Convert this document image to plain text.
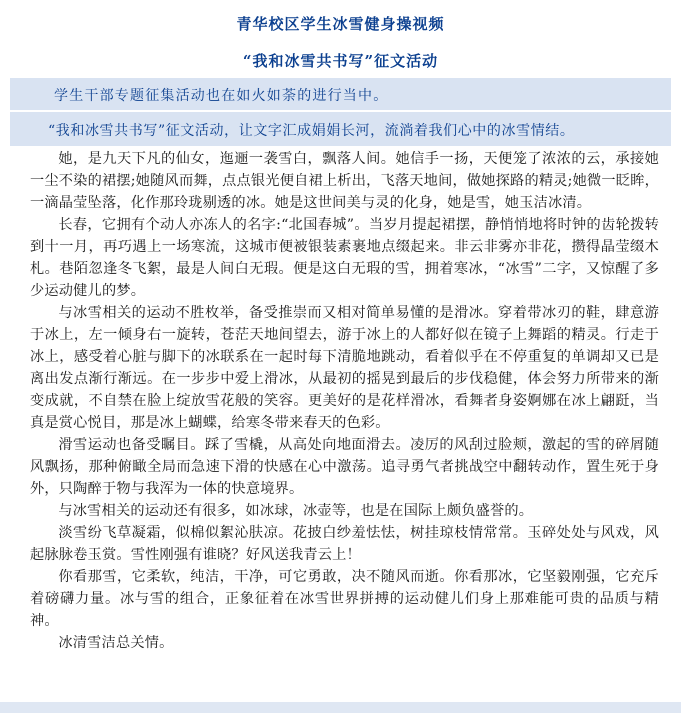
青华校区学生冰雪健身操视频
“我和冰雪共书写”征文活动
学生干部专题征集活动也在如火如荼的进行当中。
“我和冰雪共书写”征文活动，让文字汇成娟娟长河，流淌着我们心中的冰雪情结。

她，是九天下凡的仙女，迤逦一袭雪白，飘落人间。她信手一扬，天便笼了浓浓的云，承接她一尘不染的裙摆;她随风而舞，点点银光便自裙上析出，飞落天地间，做她探路的精灵;她微一眨眸，一滴晶莹坠落，化作那玲珑剔透的冰。她是这世间美与灵的化身，她是雪，她玉洁冰清。

长春，它拥有个动人亦冻人的名字:“北国春城”。当岁月提起裙摆，静悄悄地将时钟的齿轮拨转到十一月，再巧遇上一场寒流，这城市便被银装素裹地点缀起来。非云非雾亦非花，攒得晶莹缀木札。巷陌忽逢冬飞絮，最是人间白无瑕。便是这白无瑕的雪，拥着寒冰，“冰雪”二字，又惊醒了多少运动健儿的梦。

与冰雪相关的运动不胜枚举，备受推崇而又相对简单易懂的是滑冰。穿着带冰刃的鞋，肆意游于冰上，左一倾身右一旋转，苍茫天地间望去，游于冰上的人都好似在镜子上舞蹈的精灵。行走于冰上，感受着心脏与脚下的冰联系在一起时每下清脆地跳动，看着似乎在不停重复的单调却又已是离出发点渐行渐远。在一步步中爱上滑冰，从最初的摇晃到最后的步伐稳健，体会努力所带来的渐变成就，不自禁在脸上绽放雪花般的笑容。更美好的是花样滑冰，看舞者身姿婀娜在冰上翩跹，当真是赏心悦目，那是冰上蝴蝶，给寒冬带来春天的色彩。

滑雪运动也备受瞩目。踩了雪橇，从高处向地面滑去。凌厉的风刮过脸颊，激起的雪的碎屑随风飘扬，那种俯瞰全局而急速下滑的快感在心中激荡。追寻勇气者挑战空中翻转动作，置生死于身外，只陶醉于物与我浑为一体的快意境界。

与冰雪相关的运动还有很多，如冰球，冰壶等，也是在国际上颇负盛誉的。

淡雪纷飞草凝霜，似棉似絮沁肤凉。花披白纱羞怯怯，树挂琼枝情常常。玉碎处处与风戏，风起脉脉卷玉赏。雪性刚强有谁晓？好风送我青云上！

你看那雪，它柔软，纯洁，干净，可它勇敢，决不随风而逝。你看那冰，它坚毅刚强，它充斥着磅礴力量。冰与雪的组合，正象征着在冰雪世界拼搏的运动健儿们身上那难能可贵的品质与精神。

冰清雪洁总关情。
